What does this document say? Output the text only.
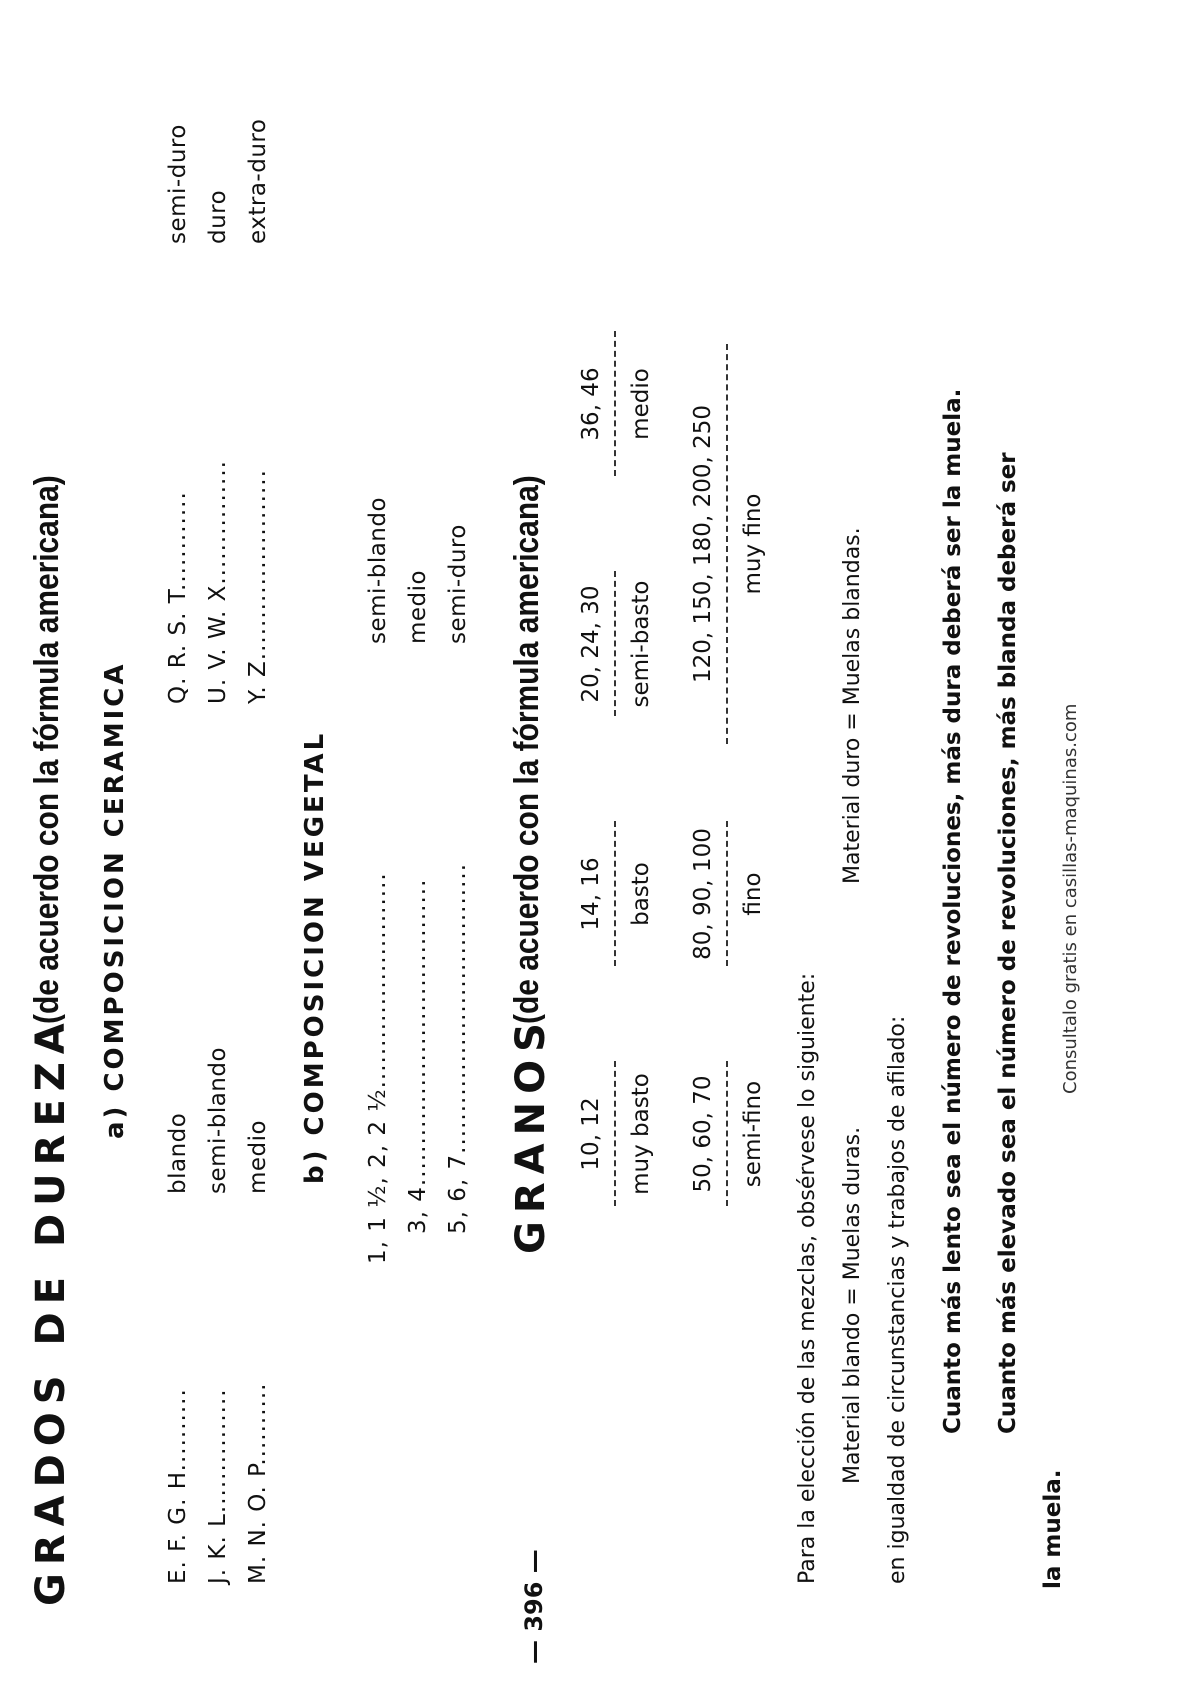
GRADOS DE DUREZA
(de acuerdo con la fórmula americana) a) COMPOSICION CERAMICA
E. F. G. H..........
blando
Q. R. S. T............
semi-duro
J. K. L...............
semi-blando
U. V. W. X...............
duro
M. N. O. P..........
medio
Y. Z.......................
extra-duro
b) COMPOSICION VEGETAL 1, 1 ½, 2, 2 ½..........................
semi-blando
3, 4.....................................
medio
5, 6, 7...................................
semi-duro
GRANOS
(de acuerdo con la fórmula americana)
10, 12 muy basto
14, 16 basto
20, 24, 30 semi-basto
36, 46 medio
50, 60, 70 semi-fino
80, 90, 100 fino
120, 150, 180, 200, 250 muy fino
Para la elección de las mezclas, obsérvese lo siguiente: Material blando = Muelas duras.
Material duro = Muelas blandas.
en igualdad de circunstancias y trabajos de afilado: Cuanto más lento sea el número de revoluciones, más dura deberá ser la muela. Cuanto más elevado sea el número de revoluciones, más blanda deberá ser
la muela.
— 396 —
Consultalo gratis en casillas-maquinas.com
